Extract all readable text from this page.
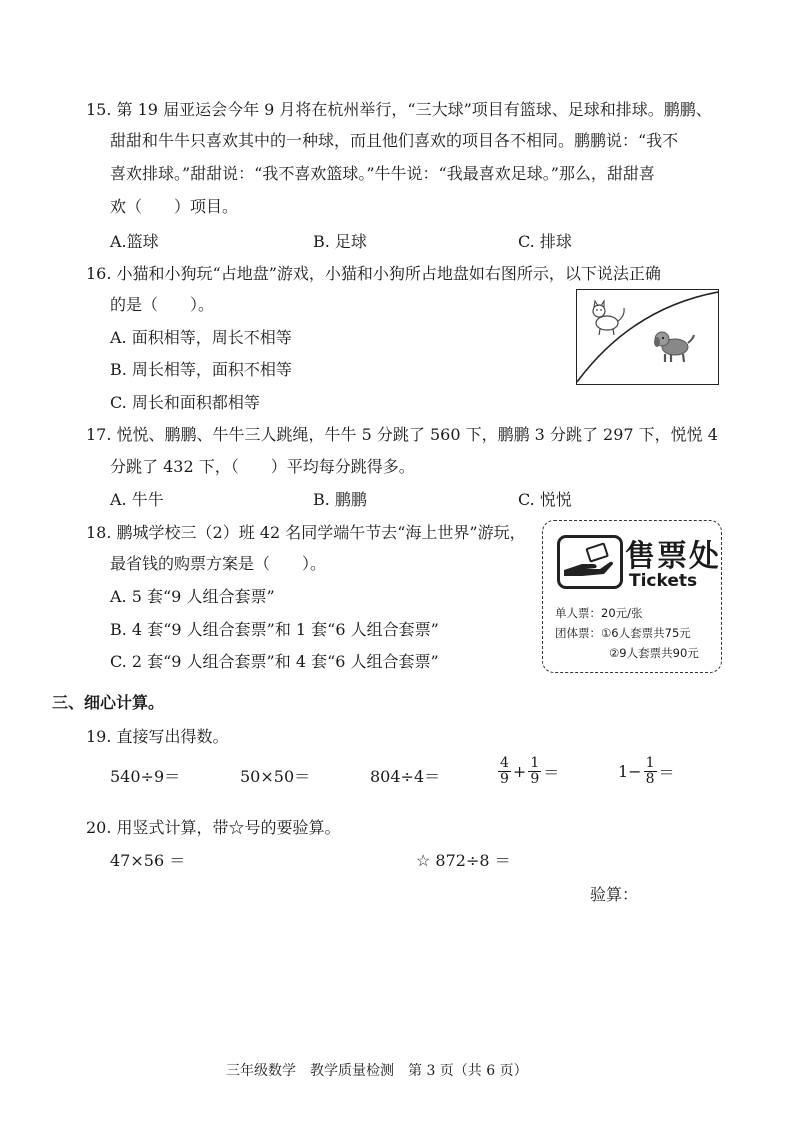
15. 第 19 届亚运会今年 9 月将在杭州举行，“三大球”项目有篮球、足球和排球。鹏鹏、
甜甜和牛牛只喜欢其中的一种球，而且他们喜欢的项目各不相同。鹏鹏说：“我不
喜欢排球。”甜甜说：“我不喜欢篮球。”牛牛说：“我最喜欢足球。”那么，甜甜喜
欢（　　）项目。
A.篮球	B. 足球	C. 排球
16. 小猫和小狗玩“占地盘”游戏，小猫和小狗所占地盘如右图所示，以下说法正确
的是（　　）。
A. 面积相等，周长不相等
B. 周长相等，面积不相等
C. 周长和面积都相等
17. 悦悦、鹏鹏、牛牛三人跳绳，牛牛 5 分跳了 560 下，鹏鹏 3 分跳了 297 下，悦悦 4
分跳了 432 下，（　　）平均每分跳得多。
A. 牛牛	B. 鹏鹏	C. 悦悦
18. 鹏城学校三（2）班 42 名同学端午节去“海上世界”游玩，
最省钱的购票方案是（　　）。
A. 5 套“9 人组合套票”
B. 4 套“9 人组合套票”和 1 套“6 人组合套票”
C. 2 套“9 人组合套票”和 4 套“6 人组合套票”
售票处
Tickets
单人票：20元/张
团体票：①6人套票共75元
②9人套票共90元
三、细心计算。
19. 直接写出得数。
540÷9＝	50×50＝	804÷4＝	$\frac{4}{9} + \frac{1}{9}$ ＝	$1- \frac{1}{8}$ ＝
20. 用竖式计算，带☆号的要验算。
47×56 ＝	☆ 872÷8 ＝
验算：
三年级数学　教学质量检测　第 3 页（共 6 页）
